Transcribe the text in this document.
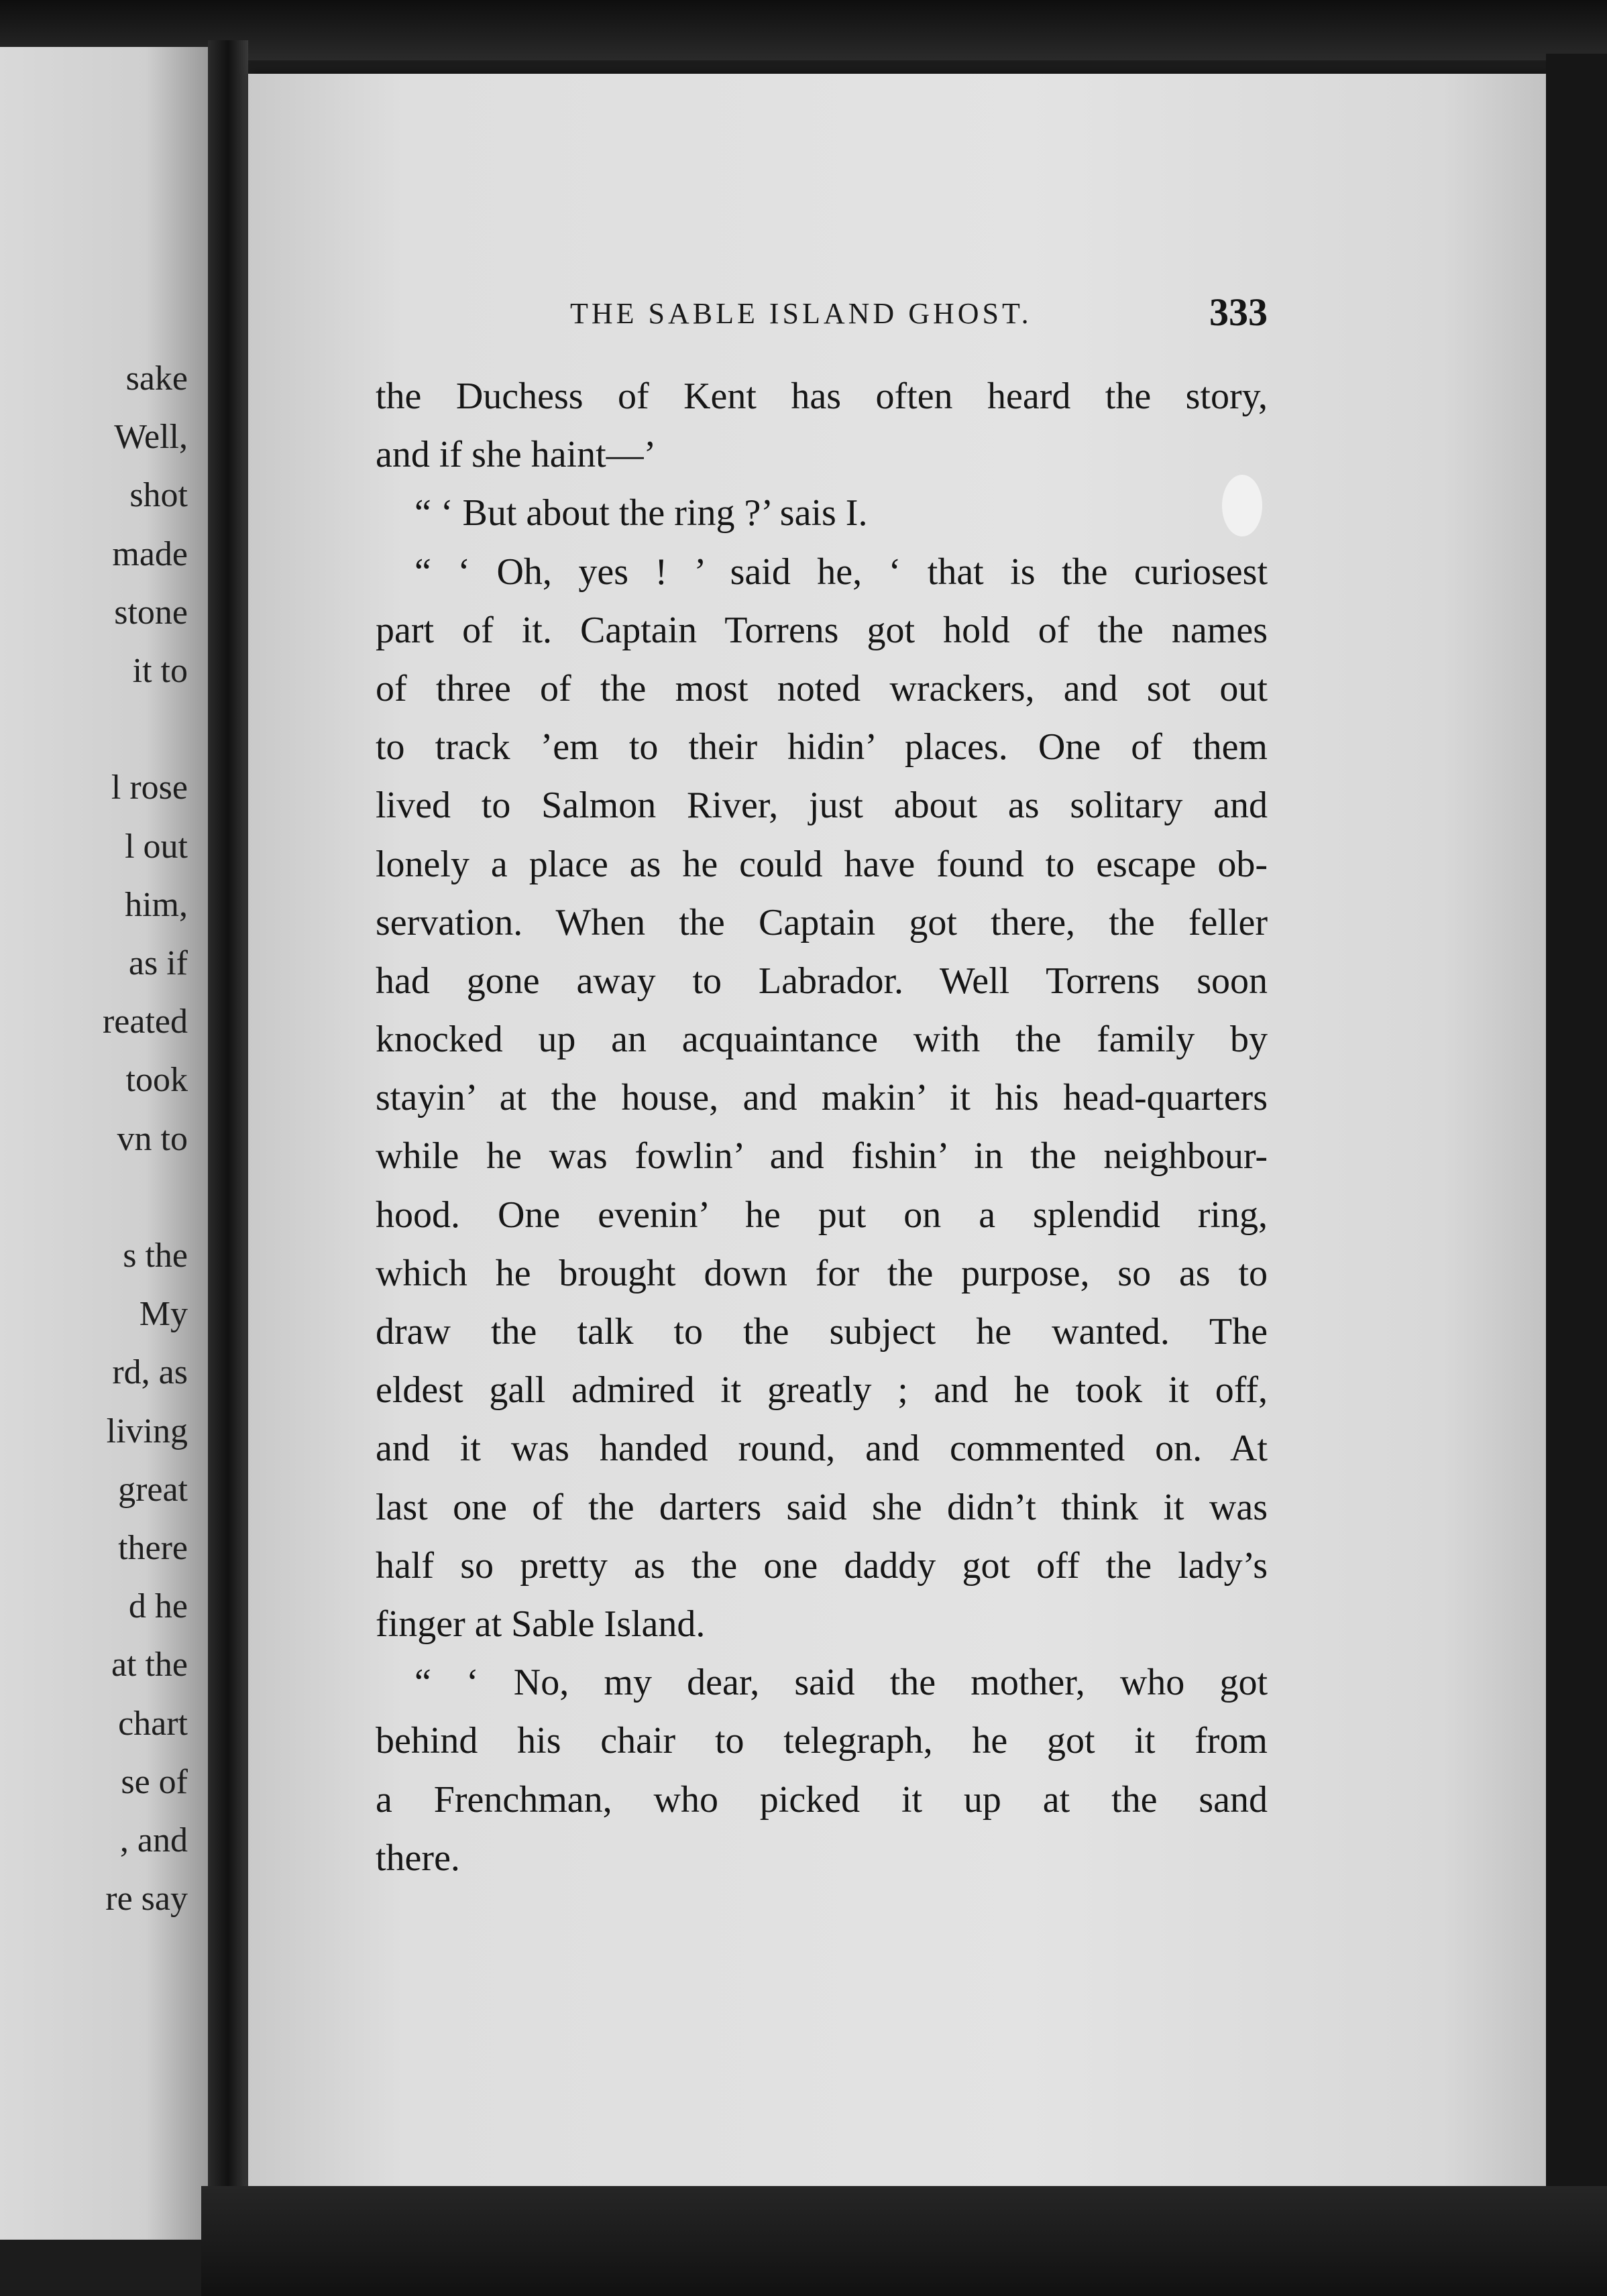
sake
Well,
shot
made
stone
it to
l rose
l out
him,
as if
reated
took
vn to
s the
My
rd, as
living
great
there
d he
at the
chart
se of
, and
re say
THE SABLE ISLAND GHOST.	333
the Duchess of Kent has often heard the story,
and if she haint—’
“ ‘ But about the ring ?’ sais I.
“ ‘ Oh, yes ! ’ said he, ‘ that is the curiosest
part of it. Captain Torrens got hold of the names
of three of the most noted wrackers, and sot out
to track ’em to their hidin’ places. One of them
lived to Salmon River, just about as solitary and
lonely a place as he could have found to escape ob-
servation. When the Captain got there, the feller
had gone away to Labrador. Well Torrens soon
knocked up an acquaintance with the family by
stayin’ at the house, and makin’ it his head-quarters
while he was fowlin’ and fishin’ in the neighbour-
hood. One evenin’ he put on a splendid ring,
which he brought down for the purpose, so as to
draw the talk to the subject he wanted. The
eldest gall admired it greatly ; and he took it off,
and it was handed round, and commented on. At
last one of the darters said she didn’t think it was
half so pretty as the one daddy got off the lady’s
finger at Sable Island.
“ ‘ No, my dear, said the mother, who got
behind his chair to telegraph, he got it from
a Frenchman, who picked it up at the sand
there.
